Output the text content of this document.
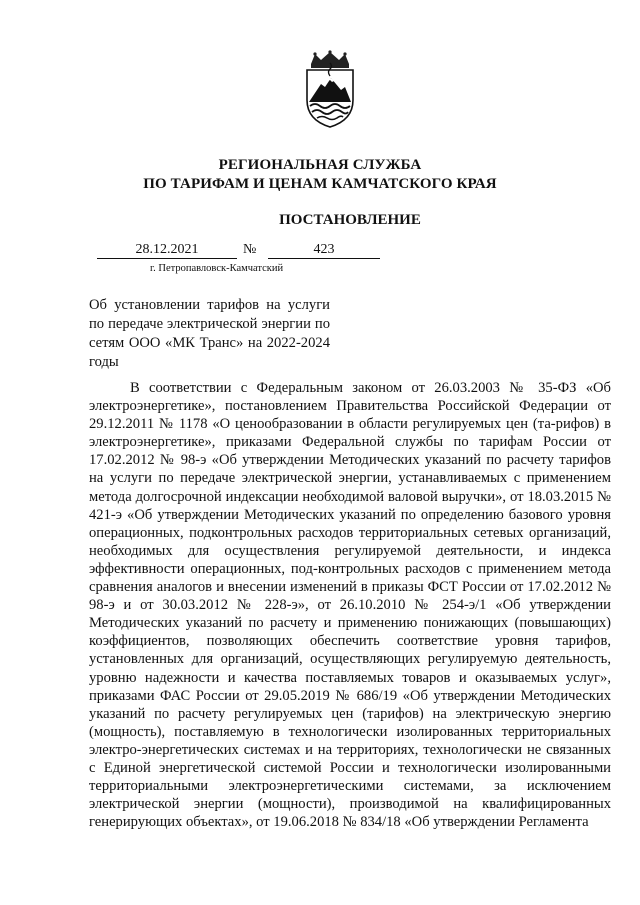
РЕГИОНАЛЬНАЯ СЛУЖБА
ПО ТАРИФАМ И ЦЕНАМ КАМЧАТСКОГО КРАЯ
ПОСТАНОВЛЕНИЕ
28.12.2021	№	423
г. Петропавловск-Камчатский
Об установлении тарифов на услуги по передаче электрической энергии по сетям ООО «МК Транс» на 2022-2024 годы

В соответствии с Федеральным законом от 26.03.2003 № 35-ФЗ «Об электроэнергетике», постановлением Правительства Российской Федерации от 29.12.2011 № 1178 «О ценообразовании в области регулируемых цен (та-рифов) в электроэнергетике», приказами Федеральной службы по тарифам России от 17.02.2012 № 98-э «Об утверждении Методических указаний по расчету тарифов на услуги по передаче электрической энергии, устанавливаемых с применением метода долгосрочной индексации необходимой валовой выручки», от 18.03.2015 № 421-э «Об утверждении Методических указаний по определению базового уровня операционных, подконтрольных расходов территориальных сетевых организаций, необходимых для осуществления регулируемой деятельности, и индекса эффективности операционных, под-контрольных расходов с применением метода сравнения аналогов и внесении изменений в приказы ФСТ России от 17.02.2012 № 98-э и от 30.03.2012 № 228-э», от 26.10.2010 № 254-э/1 «Об утверждении Методических указаний по расчету и применению понижающих (повышающих) коэффициентов, позволяющих обеспечить соответствие уровня тарифов, установленных для организаций, осуществляющих регулируемую деятельность, уровню надежности и качества поставляемых товаров и оказываемых услуг», приказами ФАС России от 29.05.2019 № 686/19 «Об утверждении Методических указаний по расчету регулируемых цен (тарифов) на электрическую энергию (мощность), поставляемую в технологически изолированных территориальных электро-энергетических системах и на территориях, технологически не связанных с Единой энергетической системой России и технологически изолированными территориальными электроэнергетическими системами, за исключением электрической энергии (мощности), производимой на квалифицированных генерирующих объектах», от 19.06.2018 № 834/18 «Об утверждении Регламента
